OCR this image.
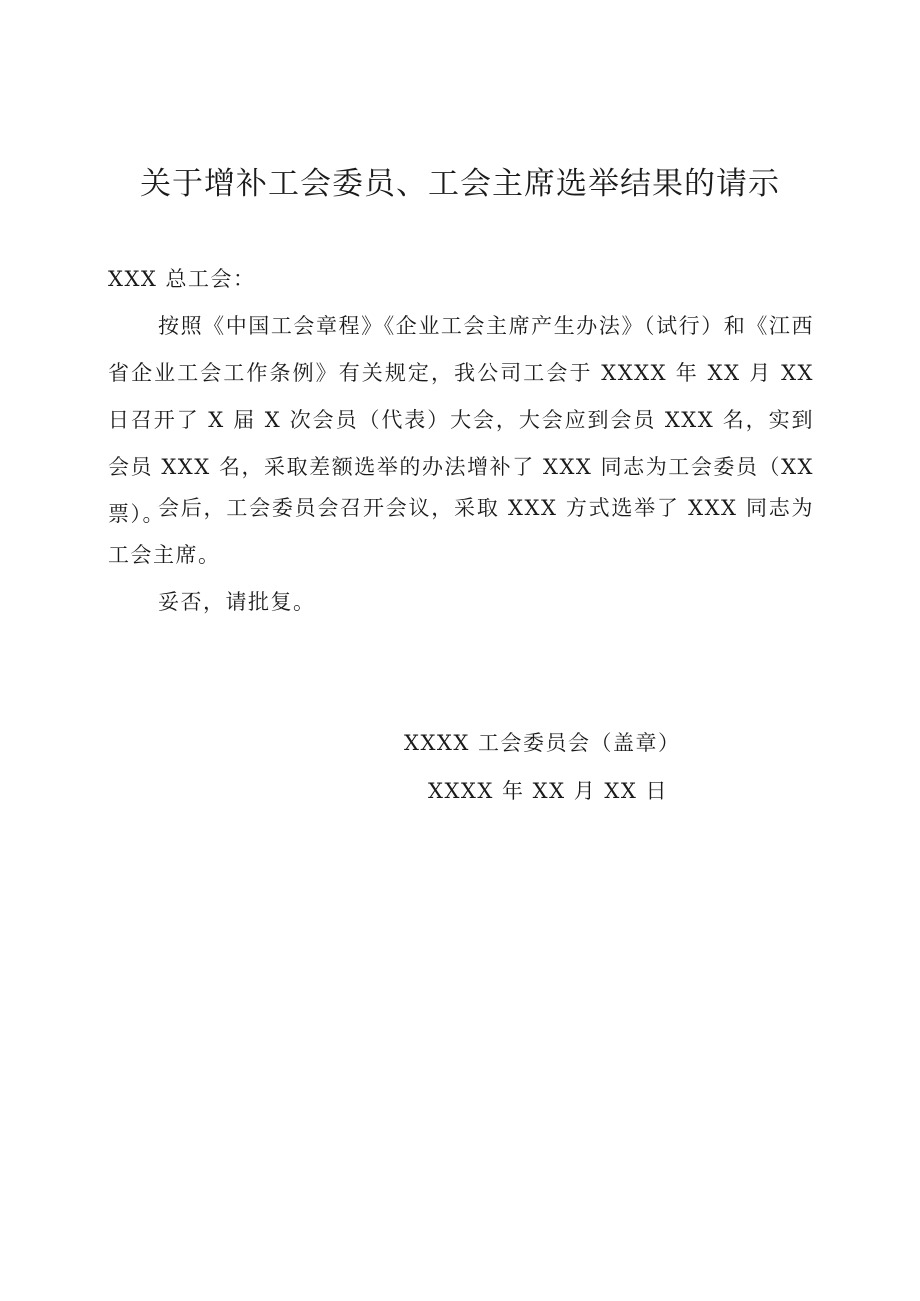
关于增补工会委员、工会主席选举结果的请示

XXX 总工会：

按照《中国工会章程》《企业工会主席产生办法》（试行）和《江西省企业工会工作条例》有关规定，我公司工会于 XXXX 年 XX 月 XX 日召开了 X 届 X 次会员（代表）大会，大会应到会员 XXX 名，实到会员 XXX 名，采取差额选举的办法增补了 XXX 同志为工会委员（XX 票）。

会后，工会委员会召开会议，采取 XXX 方式选举了 XXX 同志为工会主席。

妥否，请批复。

XXXX 工会委员会（盖章）

XXXX 年 XX 月 XX 日
